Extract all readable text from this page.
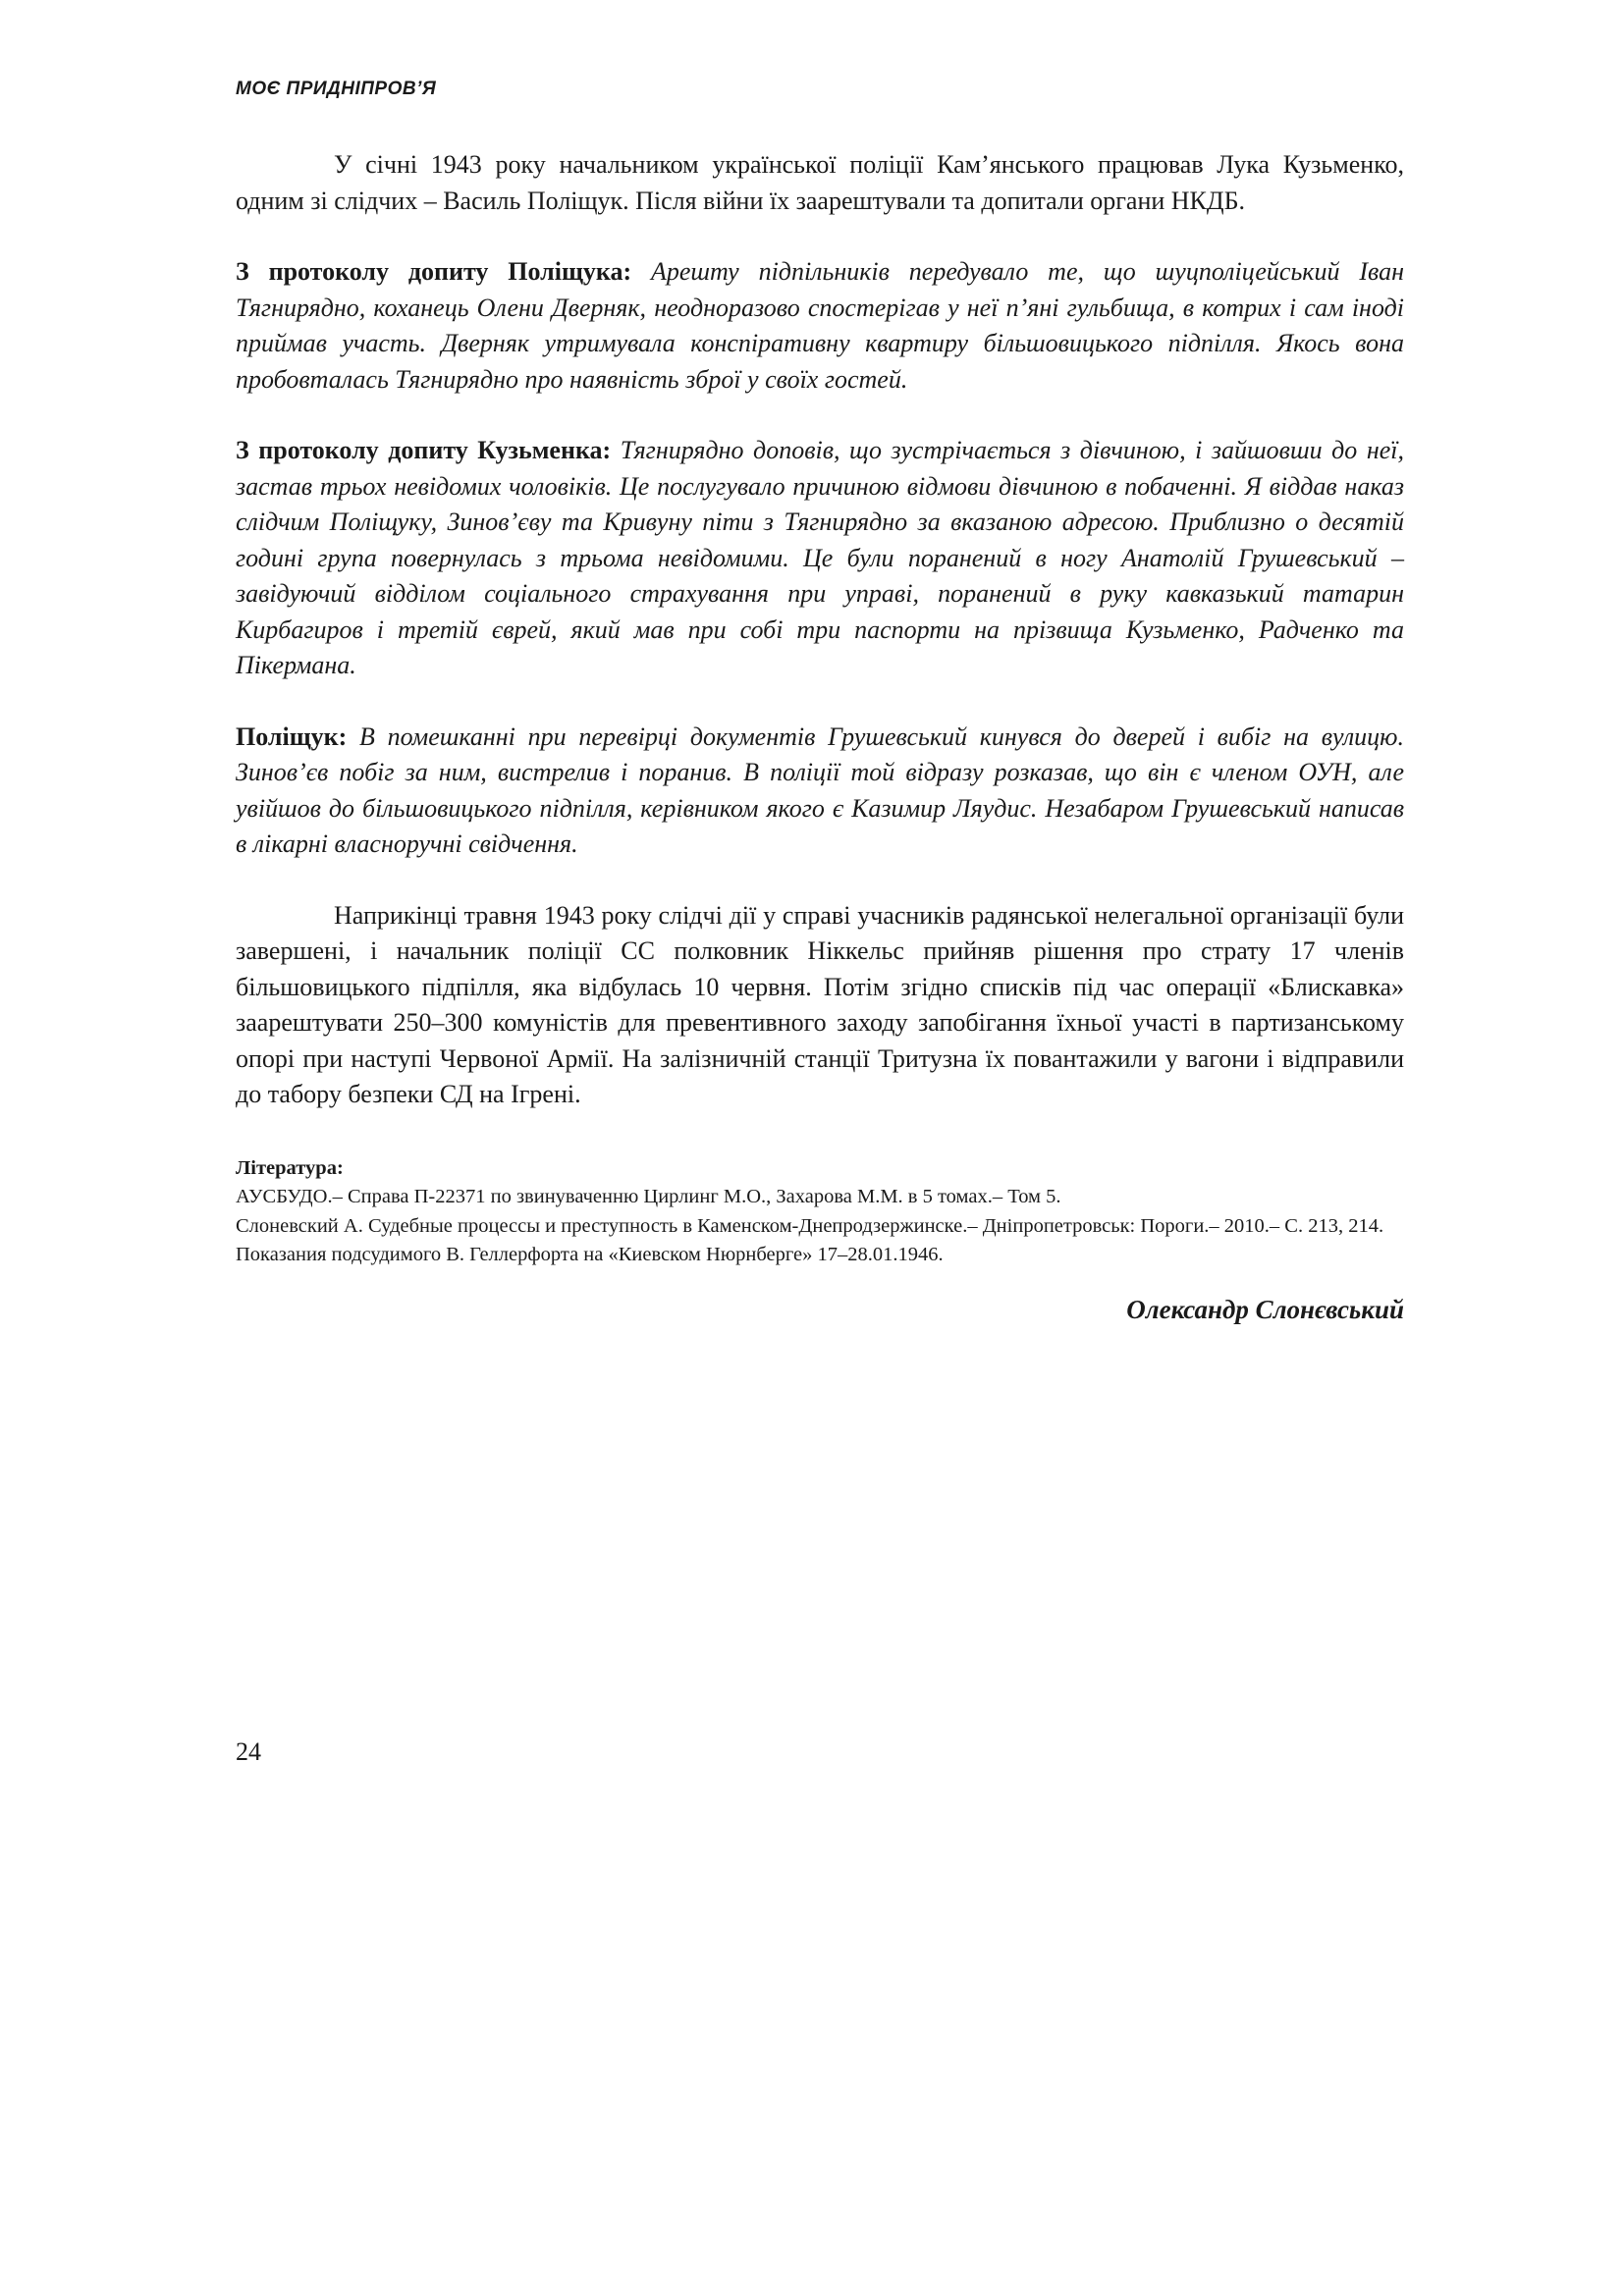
МОЄ ПРИДНІПРОВ’Я

У січні 1943 року начальником української поліції Кам’янського працював Лука Кузьменко, одним зі слідчих – Василь Поліщук. Після війни їх заарештували та допитали органи НКДБ.

З протоколу допиту Поліщука: Арешту підпільників передувало те, що шуцполіцейський Іван Тягнирядно, коханець Олени Дверняк, неодноразово спостерігав у неї п’яні гульбища, в котрих і сам іноді приймав участь. Дверняк утримувала конспіративну квартиру більшовицького підпілля. Якось вона пробовталась Тягнирядно про наявність зброї у своїх гостей.

З протоколу допиту Кузьменка: Тягнирядно доповів, що зустрічається з дівчиною, і зайшовши до неї, застав трьох невідомих чоловіків. Це послугувало причиною відмови дівчиною в побаченні. Я віддав наказ слідчим Поліщуку, Зинов’єву та Кривуну піти з Тягнирядно за вказаною адресою. Приблизно о десятій годині група повернулась з трьома невідомими. Це були поранений в ногу Анатолій Грушевський – завідуючий відділом соціального страхування при управі, поранений в руку кавказький татарин Кирбагиров і третій єврей, який мав при собі три паспорти на прізвища Кузьменко, Радченко та Пікермана.

Поліщук: В помешканні при перевірці документів Грушевський кинувся до дверей і вибіг на вулицю. Зинов’єв побіг за ним, вистрелив і поранив. В поліції той відразу розказав, що він є членом ОУН, але увійшов до більшовицького підпілля, керівником якого є Казимир Ляудис. Незабаром Грушевський написав в лікарні власноручні свідчення.

Наприкінці травня 1943 року слідчі дії у справі учасників радянської нелегальної організації були завершені, і начальник поліції СС полковник Ніккельс прийняв рішення про страту 17 членів більшовицького підпілля, яка відбулась 10 червня. Потім згідно списків під час операції «Блискавка» заарештувати 250–300 комуністів для превентивного заходу запобігання їхньої участі в партизанському опорі при наступі Червоної Армії. На залізничній станції Тритузна їх повантажили у вагони і відправили до табору безпеки СД на Ігрені.

Література:

АУСБУДО.– Справа П-22371 по звинуваченню Цирлинг М.О., Захарова М.М. в 5 томах.– Том 5.

Слоневский А. Судебные процессы и преступность в Каменском-Днепродзержинске.– Дніпропетровськ: Пороги.– 2010.– С. 213, 214.

Показания подсудимого В. Геллерфорта на «Киевском Нюрнберге» 17–28.01.1946.

Олександр Слонєвський
24
